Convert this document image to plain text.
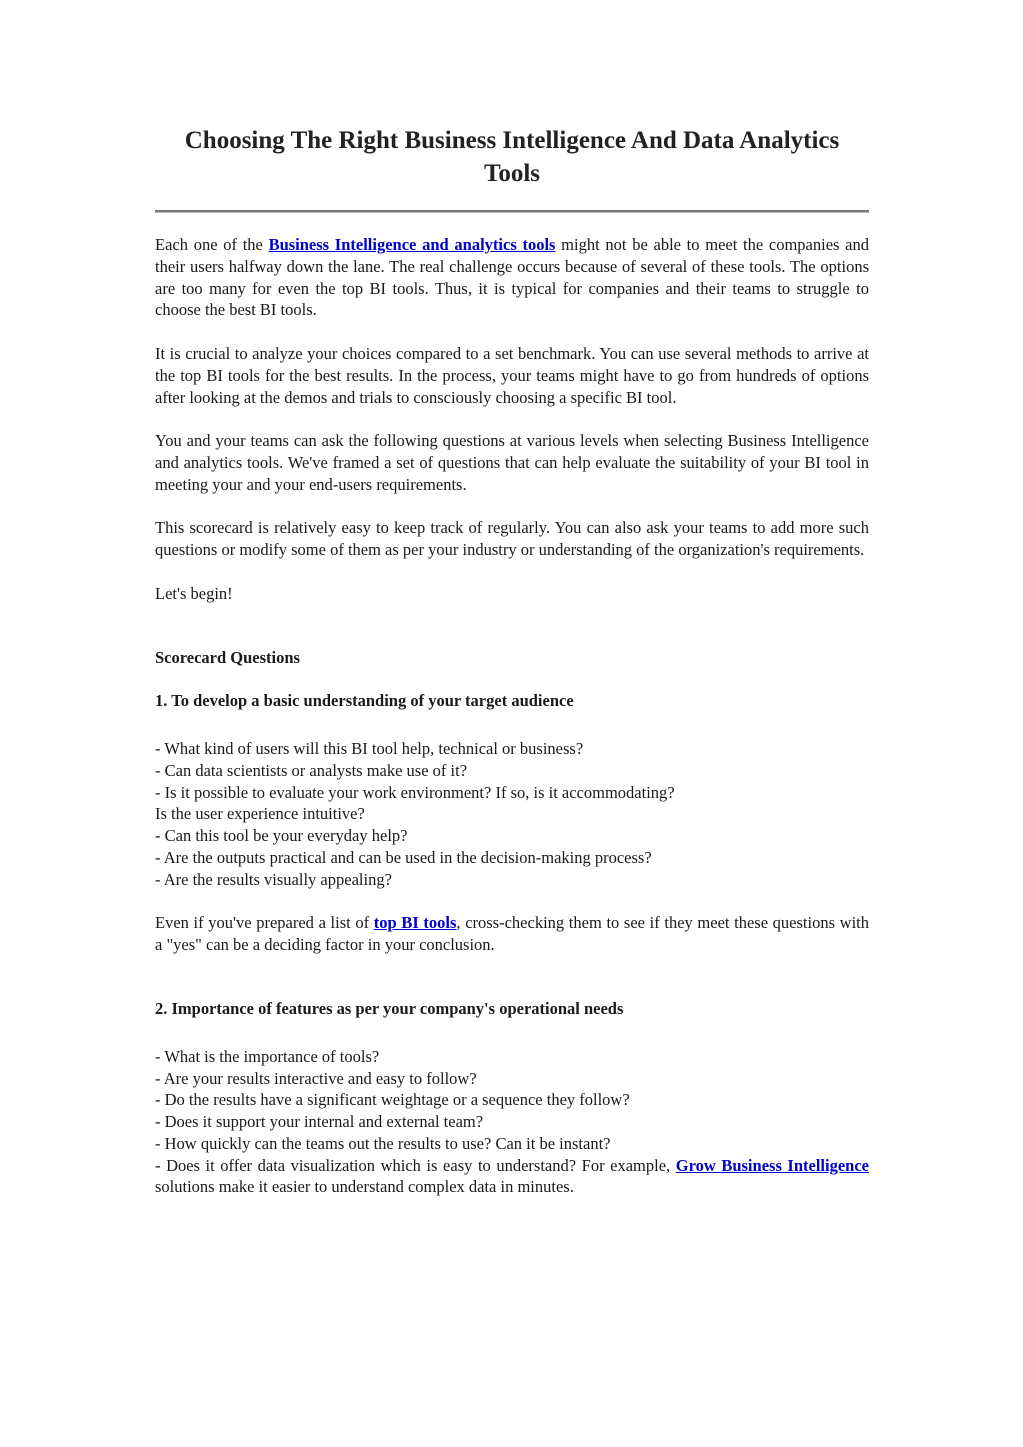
Choosing The Right Business Intelligence And Data Analytics Tools

Each one of the Business Intelligence and analytics tools might not be able to meet the companies and their users halfway down the lane. The real challenge occurs because of several of these tools. The options are too many for even the top BI tools. Thus, it is typical for companies and their teams to struggle to choose the best BI tools.

It is crucial to analyze your choices compared to a set benchmark. You can use several methods to arrive at the top BI tools for the best results. In the process, your teams might have to go from hundreds of options after looking at the demos and trials to consciously choosing a specific BI tool.

You and your teams can ask the following questions at various levels when selecting Business Intelligence and analytics tools. We've framed a set of questions that can help evaluate the suitability of your BI tool in meeting your and your end-users requirements.

This scorecard is relatively easy to keep track of regularly. You can also ask your teams to add more such questions or modify some of them as per your industry or understanding of the organization's requirements.

Let's begin!

Scorecard Questions
1. To develop a basic understanding of your target audience
- What kind of users will this BI tool help, technical or business?
- Can data scientists or analysts make use of it?
- Is it possible to evaluate your work environment? If so, is it accommodating?
Is the user experience intuitive?
- Can this tool be your everyday help?
- Are the outputs practical and can be used in the decision-making process?
- Are the results visually appealing?

Even if you've prepared a list of top BI tools, cross-checking them to see if they meet these questions with a "yes" can be a deciding factor in your conclusion.

2. Importance of features as per your company's operational needs
- What is the importance of tools?
- Are your results interactive and easy to follow?
- Do the results have a significant weightage or a sequence they follow?
- Does it support your internal and external team?
- How quickly can the teams out the results to use? Can it be instant?

- Does it offer data visualization which is easy to understand? For example, Grow Business Intelligence solutions make it easier to understand complex data in minutes.
